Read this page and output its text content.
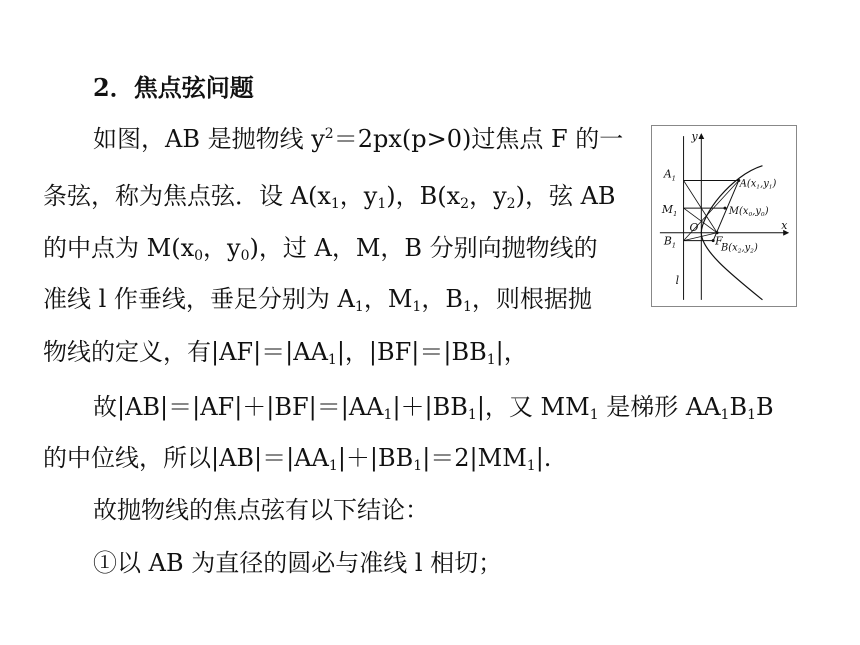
2．焦点弦问题
如图，AB 是抛物线 $y^2=2px(p>0)$过焦点 F 的一
条弦，称为焦点弦．设 $A(x_1$，$y_1$)，$B(x_2$，$y_2$)，弦 AB
的中点为 $M(x_0$，$y_0$)，过 A，M，B 分别向抛物线的
准线 l 作垂线，垂足分别为 $A_1$，$M_1$，$B_1$，则根据抛
物线的定义，有$|AF|=|AA_1|$，$|BF|=|BB_1|$，
故$|AB|=|AF|+|BF|=|AA_1|+|BB_1|$，又 $MM_1$ 是梯形 $AA_1B_1B$
的中位线，所以$|AB|=|AA_1|+|BB_1|=2|MM_1|$.
故抛物线的焦点弦有以下结论：
①以 AB 为直径的圆必与准线 l 相切；
y
x
O
F
l
$A_1$
$M_1$
$B_1$
$A(x_1,y_1)$
$M(x_0,y_0)$
$B(x_2,y_2)$
